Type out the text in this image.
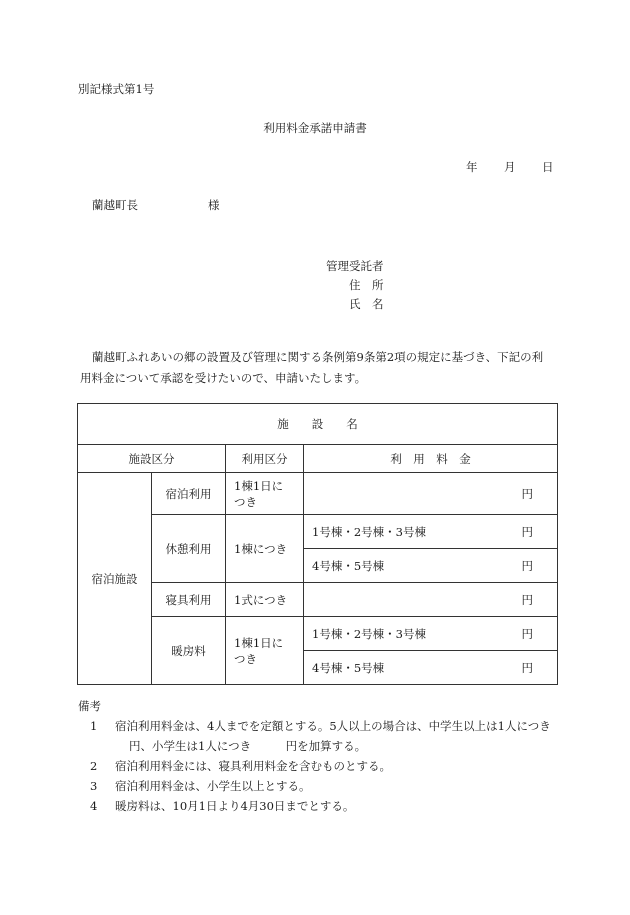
別記様式第1号
利用料金承諾申請書
年 月 日
蘭越町長	様
管理受託者
住　所
氏　名
蘭越町ふれあいの郷の設置及び管理に関する条例第9条第2項の規定に基づき、下記の利
用料金について承認を受けたいので、申請いたします。
施　　設　　名			
施設区分		利用区分	利　用　料　金
宿泊施設	宿泊利用	1棟1日に
つき	円

	休憩利用	1棟につき	1号棟・2号棟・3号棟 円

			4号棟・5号棟 円

	寝具利用	1式につき	円

	暖房料	1棟1日に
つき	1号棟・2号棟・3号棟 円

			4号棟・5号棟 円
備考
1 宿泊利用料金は、4人までを定額とする。5人以上の場合は、中学生以上は1人につき
円、小学生は1人につき　　　円を加算する。
2 宿泊利用料金には、寝具利用料金を含むものとする。
3 宿泊利用料金は、小学生以上とする。
4 暖房料は、10月1日より4月30日までとする。
